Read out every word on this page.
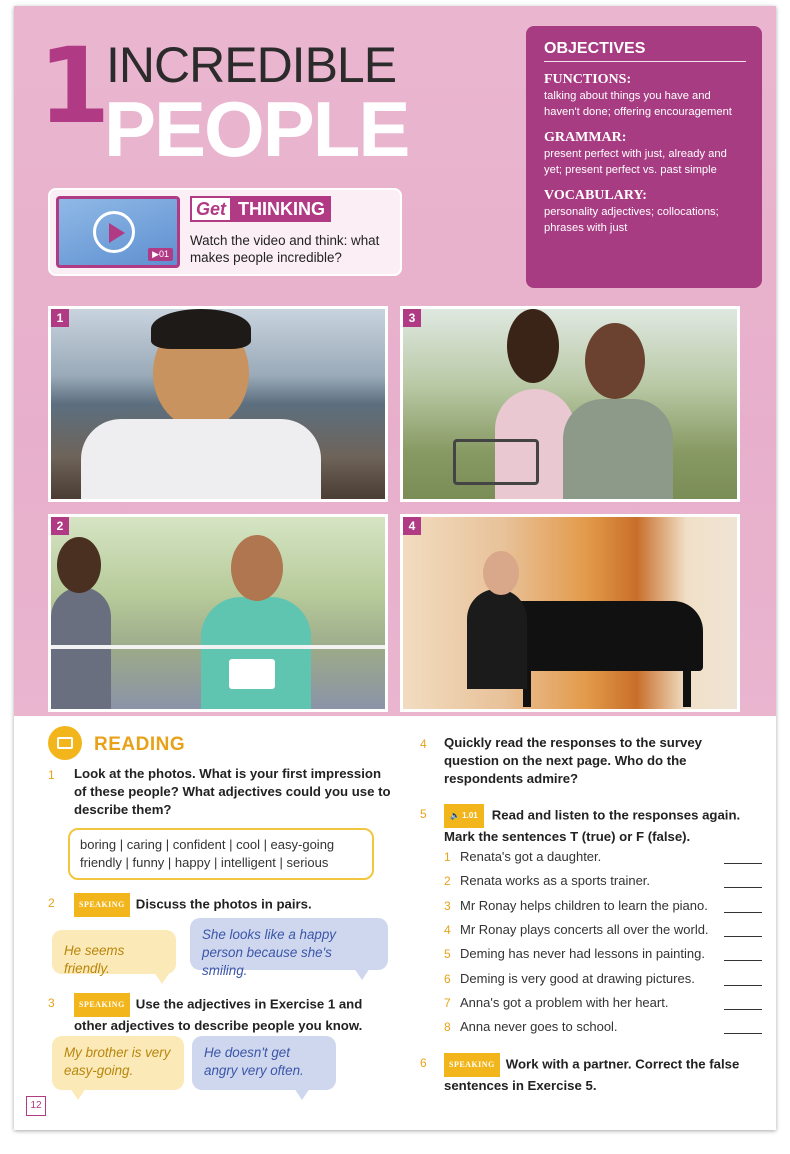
1
INCREDIBLE
PEOPLE
OBJECTIVES
FUNCTIONS:
talking about things you have and haven't done; offering encouragement
GRAMMAR:
present perfect with just, already and yet; present perfect vs. past simple
VOCABULARY:
personality adjectives; collocations; phrases with just
▶01
Get THINKING
Watch the video and think: what makes people incredible?
1	3
2	4
READING
1 Look at the photos. What is your first impression of these people? What adjectives could you use to describe them?
boring | caring | confident | cool | easy-going
friendly | funny | happy | intelligent | serious
2	SPEAKING Discuss the photos in pairs.
He seems friendly.
She looks like a happy person because she's smiling.
3	SPEAKING Use the adjectives in Exercise 1 and other adjectives to describe people you know.
My brother is very easy-going.
He doesn't get angry very often.
4 Quickly read the responses to the survey question on the next page. Who do the respondents admire?
5	🔈 1.01 Read and listen to the responses again. Mark the sentences T (true) or F (false).
1 Renata's got a daughter.
2 Renata works as a sports trainer.
3 Mr Ronay helps children to learn the piano.
4 Mr Ronay plays concerts all over the world.
5 Deming has never had lessons in painting.
6 Deming is very good at drawing pictures.
7 Anna's got a problem with her heart.
8 Anna never goes to school.
6	SPEAKING Work with a partner. Correct the false sentences in Exercise 5.
12
